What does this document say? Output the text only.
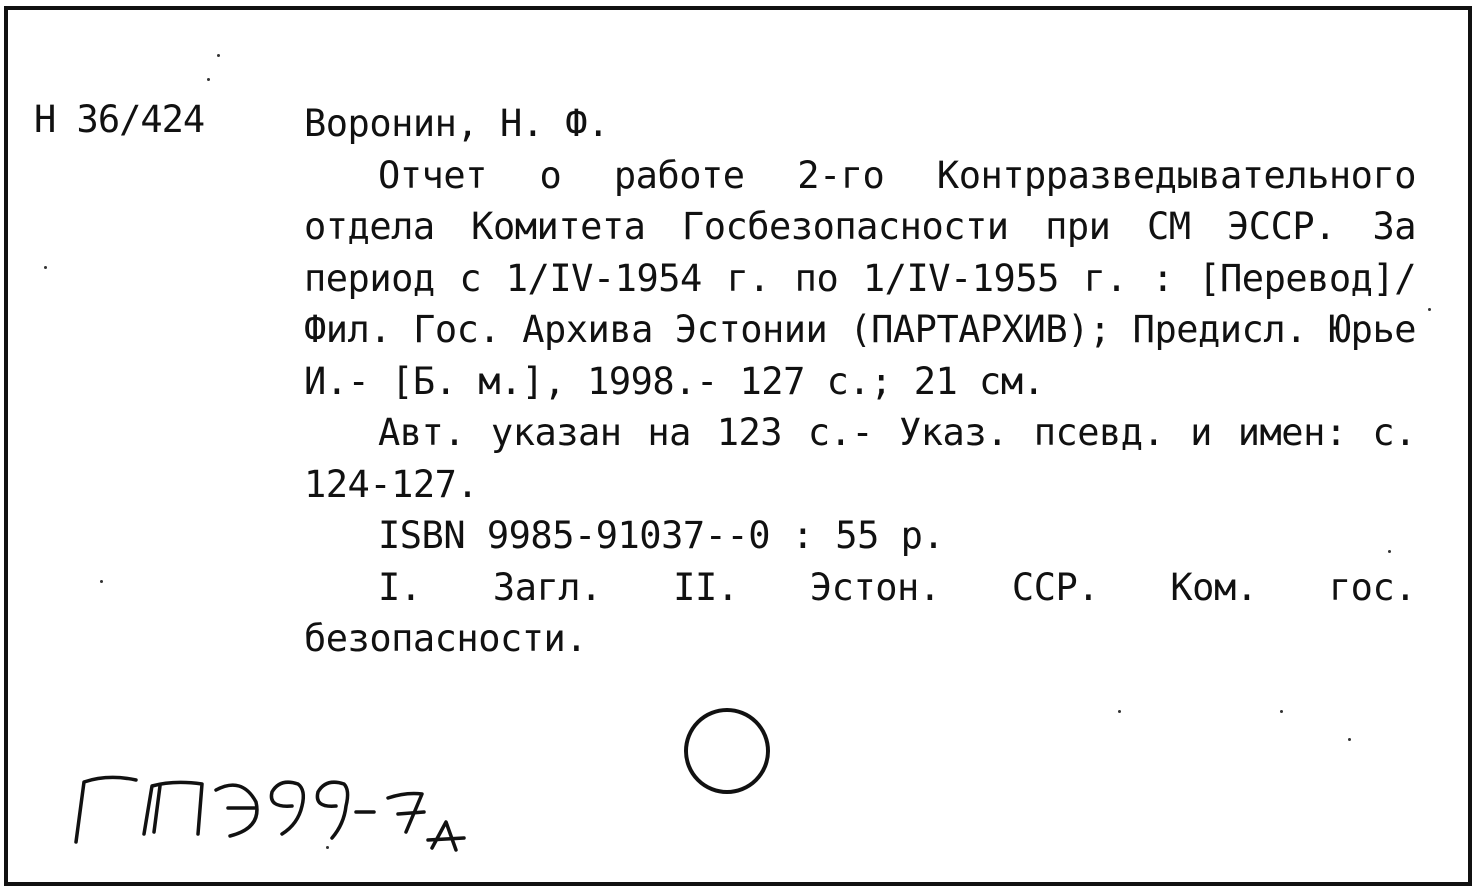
Н 36/424	Воронин, Н. Ф.

Отчет о работе 2-го Контрразведывательного отдела Комитета Госбезопасности при СМ ЭССР. За период с 1/IV-1954 г. по 1/IV-1955 г. : [Перевод]/ Фил. Гос. Архива Эстонии (ПАРТАРХИВ); Предисл. Юрье И.- [Б. м.], 1998.- 127 с.; 21 см.

Авт. указан на 123 с.- Указ. псевд. и имен: с. 124-127.

ISBN 9985-91037--0 : 55 р.

I. Загл. II. Эстон. ССР. Ком. гос. безопасности.
